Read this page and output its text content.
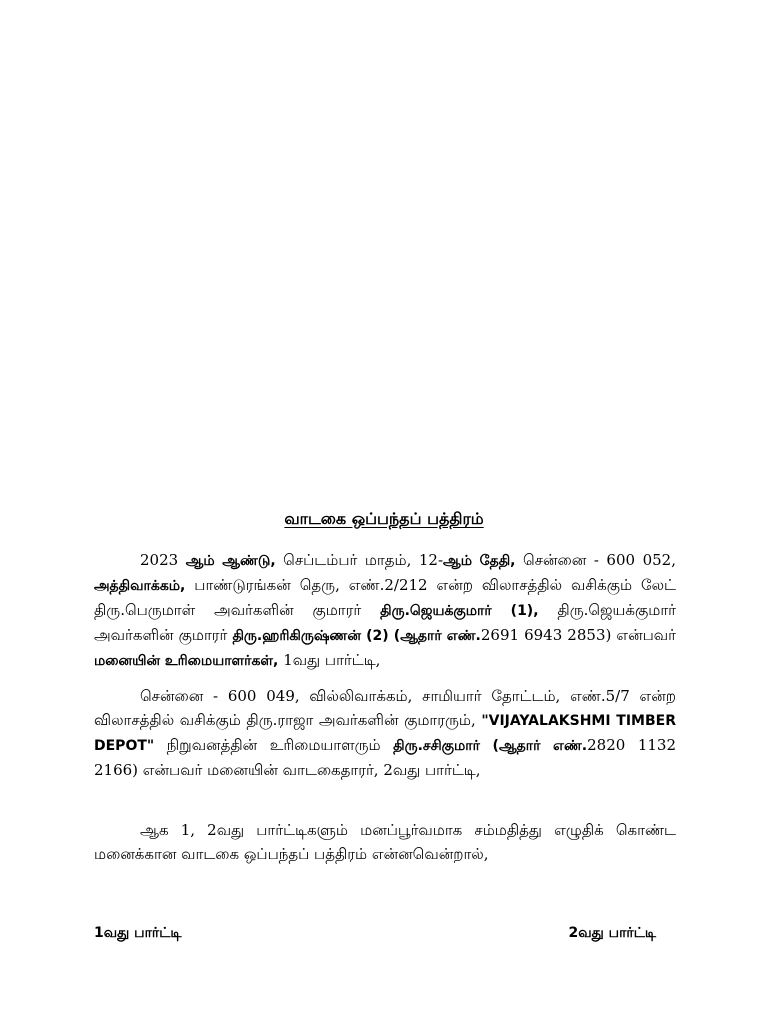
வாடகை ஒப்பந்தப் பத்திரம்

2023 ஆம் ஆண்டு, செப்டம்பர் மாதம், 12-ஆம் தேதி, சென்னை - 600 052, அத்திவாக்கம், பாண்டுரங்கன் தெரு, எண்.2/212 என்ற விலாசத்தில் வசிக்கும் லேட் திரு.பெருமாள் அவர்களின் குமாரர் திரு.ஜெயக்குமார் (1), திரு.ஜெயக்குமார் அவர்களின் குமாரர் திரு.ஹரிகிருஷ்ணன் (2) (ஆதார் எண்.2691 6943 2853) என்பவர் மனையின் உரிமையாளர்கள், 1வது பார்ட்டி,

சென்னை - 600 049, வில்லிவாக்கம், சாமியார் தோட்டம், எண்.5/7 என்ற விலாசத்தில் வசிக்கும் திரு.ராஜா அவர்களின் குமாரரும், "VIJAYALAKSHMI TIMBER DEPOT" நிறுவனத்தின் உரிமையாளரும் திரு.சசிகுமார் (ஆதார் எண்.2820 1132 2166) என்பவர் மனையின் வாடகைதாரர், 2வது பார்ட்டி,

ஆக 1, 2வது பார்ட்டிகளும் மனப்பூர்வமாக சம்மதித்து எழுதிக் கொண்ட மனைக்கான வாடகை ஒப்பந்தப் பத்திரம் என்னவென்றால்,

1வது பார்ட்டி	2வது பார்ட்டி
